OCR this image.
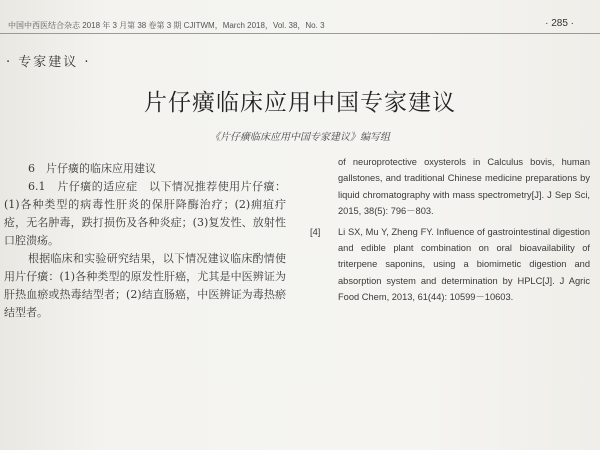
中国中西医结合杂志 2018 年 3 月第 38 卷第 3 期 CJITWM，March 2018，Vol. 38，No. 3	· 285 ·
· 专家建议 ·
片仔癀临床应用中国专家建议
《片仔癀临床应用中国专家建议》编写组

6　片仔癀的临床应用建议

6.1　片仔癀的适应症　以下情况推荐使用片仔癀：(1)各种类型的病毒性肝炎的保肝降酶治疗；(2)痈疽疔疮，无名肿毒，跌打损伤及各种炎症；(3)复发性、放射性口腔溃疡。

根据临床和实验研究结果，以下情况建议临床酌情使用片仔癀：(1)各种类型的原发性肝癌，尤其是中医辨证为肝热血瘀或热毒结型者；(2)结直肠癌，中医辨证为毒热瘀结型者。

of neuroprotective oxysterols in Calculus bovis, human gallstones, and traditional Chinese medicine preparations by liquid chromatography with mass spectrometry[J]. J Sep Sci, 2015, 38(5): 796－803.

[4]	Li SX, Mu Y, Zheng FY. Influence of gastrointestinal digestion and edible plant combination on oral bioavailability of triterpene saponins, using a biomimetic digestion and absorption system and determination by HPLC[J]. J Agric Food Chem, 2013, 61(44): 10599－10603.
